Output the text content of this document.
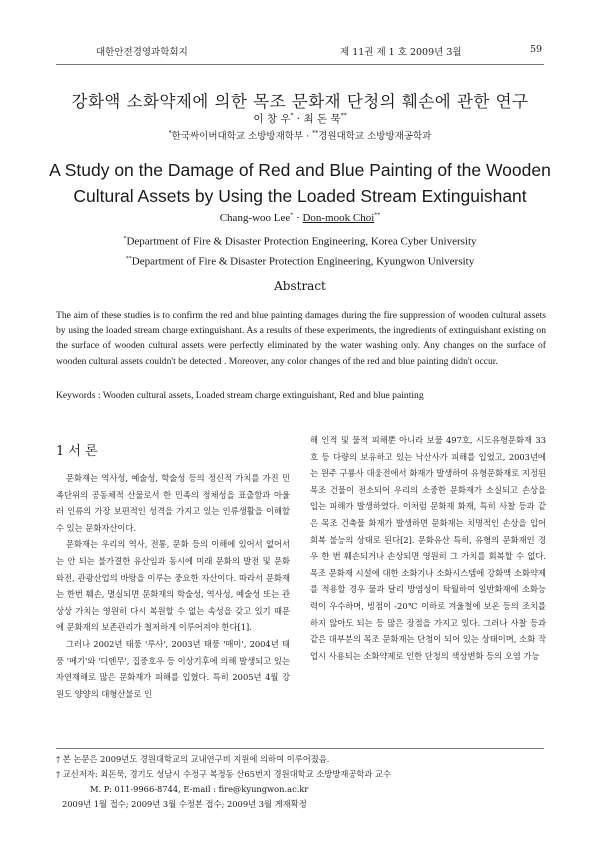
대한안전경영과학회지	제 11권 제 1 호 2009년 3월	59
강화액 소화약제에 의한 목조 문화재 단청의 훼손에 관한 연구
이 창 우* · 최 돈 묵**
*한국싸이버대학교 소방방재학부 · **경원대학교 소방방재공학과
A Study on the Damage of Red and Blue Painting of the Wooden
Cultural Assets by Using the Loaded Stream Extinguishant
Chang-woo Lee* · Don-mook Choi**
*Department of Fire & Disaster Protection Engineering, Korea Cyber University
**Department of Fire & Disaster Protection Engineering, Kyungwon University
Abstract
The aim of these studies is to confirm the red and blue painting damages during the fire suppression of wooden cultural assets by using the loaded stream charge extinguishant. As a results of these experiments, the ingredients of extinguishant existing on the surface of wooden cultural assets were perfectly eliminated by the water washing only. Any changes on the surface of wooden cultural assets couldn't be detected . Moreover, any color changes of the red and blue painting didn't occur.
Keywords : Wooden cultural assets, Loaded stream charge extinguishant, Red and blue painting
1 서 론

문화재는 역사성, 예술성, 학술성 등의 정신적 가치를 가진 민족단위의 공동체적 산물로서 한 민족의 정체성을 표출함과 아울러 인류의 가장 보편적인 성격을 가지고 있는 인류생활을 이해할 수 있는 문화자산이다.

문화재는 우리의 역사, 전통, 문화 등의 이해에 있어서 없어서는 안 되는 불가결한 유산임과 동시에 미래 문화의 발전 및 문화와전, 관광산업의 바탕을 이루는 중요한 자산이다. 따라서 문화재는 한번 훼손, 멸실되면 문화재의 학술성, 역사성, 예술성 또는 관상상 가치는 영원히 다시 복원할 수 없는 속성을 갖고 있기 때문에 문화재의 보존관리가 철저하게 이루어져야 한다[1].

그러나 2002년 태풍 '루사', 2003년 태풍 '매미', 2004년 태풍 '메기'와 '디엔무', 집중호우 등 이상기후에 의해 발생되고 있는 자연재해로 많은 문화재가 피해를 입혔다. 특히 2005년 4월 강원도 양양의 대형산불로 인

해 인적 및 물적 피해뿐 아니라 보물 497호, 시도유형문화재 33호 등 다량의 보유하고 있는 낙산사가 피해를 입었고, 2003년에는 원주 구룡사 대웅전에서 화재가 발생하여 유형문화재로 지정된 목조 건물이 전소되어 우리의 소중한 문화재가 소실되고 손상을 입는 피해가 발생하였다. 이처럼 문화재 화재, 특히 사찰 등과 같은 목조 건축물 화재가 발생하면 문화재는 치명적인 손상을 입어 회복 불능의 상태로 된다[2]. 문화유산 특히, 유형의 문화재인 경우 한 번 훼손되거나 손상되면 영원히 그 가치를 회복할 수 없다. 목조 문화재 시설에 대한 소화기나 소화시스템에 강화액 소화약제를 적용할 경우 물과 달리 방염성이 탁월하여 일반화재에 소화능력이 우수하며, 빙점이 -20℃ 이하로 겨울철에 보온 등의 조치를 하지 않아도 되는 등 많은 장점을 가지고 있다. 그러나 사찰 등과 같은 대부분의 목조 문화재는 단청이 되어 있는 상태이며, 소화 작업시 사용되는 소화약제로 인한 단청의 색상변화 등의 오염 가능

† 본 논문은 2009년도 경원대학교의 교내연구비 지원에 의하여 이루어졌음.
† 교신저자: 최돈묵, 경기도 성남시 수정구 복정동 산65번지 경원대학교 소방방재공학과 교수
M. P: 011-9966-8744, E-mail : fire@kyungwon.ac.kr
2009년 1월 접수; 2009년 3월 수정본 접수; 2009년 3월 게재확정
